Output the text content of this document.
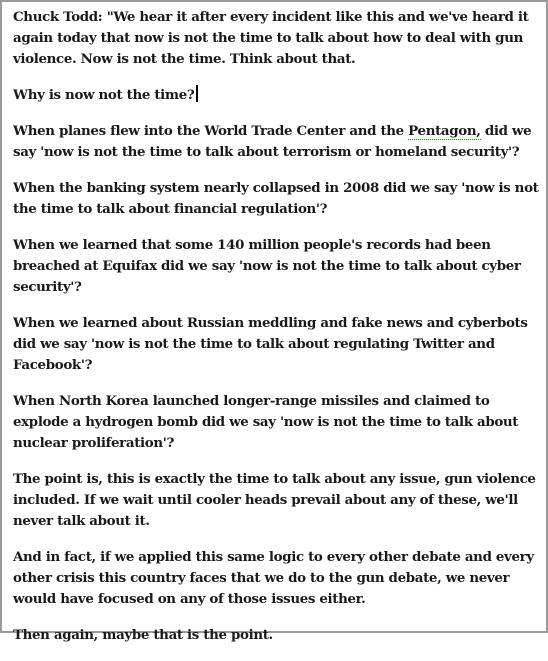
Chuck Todd: "We hear it after every incident like this and we've heard it again today that now is not the time to talk about how to deal with gun violence. Now is not the time. Think about that.

Why is now not the time?

When planes flew into the World Trade Center and the Pentagon, did we say 'now is not the time to talk about terrorism or homeland security'?

When the banking system nearly collapsed in 2008 did we say 'now is not the time to talk about financial regulation'?

When we learned that some 140 million people's records had been breached at Equifax did we say 'now is not the time to talk about cyber security'?

When we learned about Russian meddling and fake news and cyberbots did we say 'now is not the time to talk about regulating Twitter and Facebook'?

When North Korea launched longer-range missiles and claimed to explode a hydrogen bomb did we say 'now is not the time to talk about nuclear proliferation'?

The point is, this is exactly the time to talk about any issue, gun violence included. If we wait until cooler heads prevail about any of these, we'll never talk about it.

And in fact, if we applied this same logic to every other debate and every other crisis this country faces that we do to the gun debate, we never would have focused on any of those issues either.

Then again, maybe that is the point.
